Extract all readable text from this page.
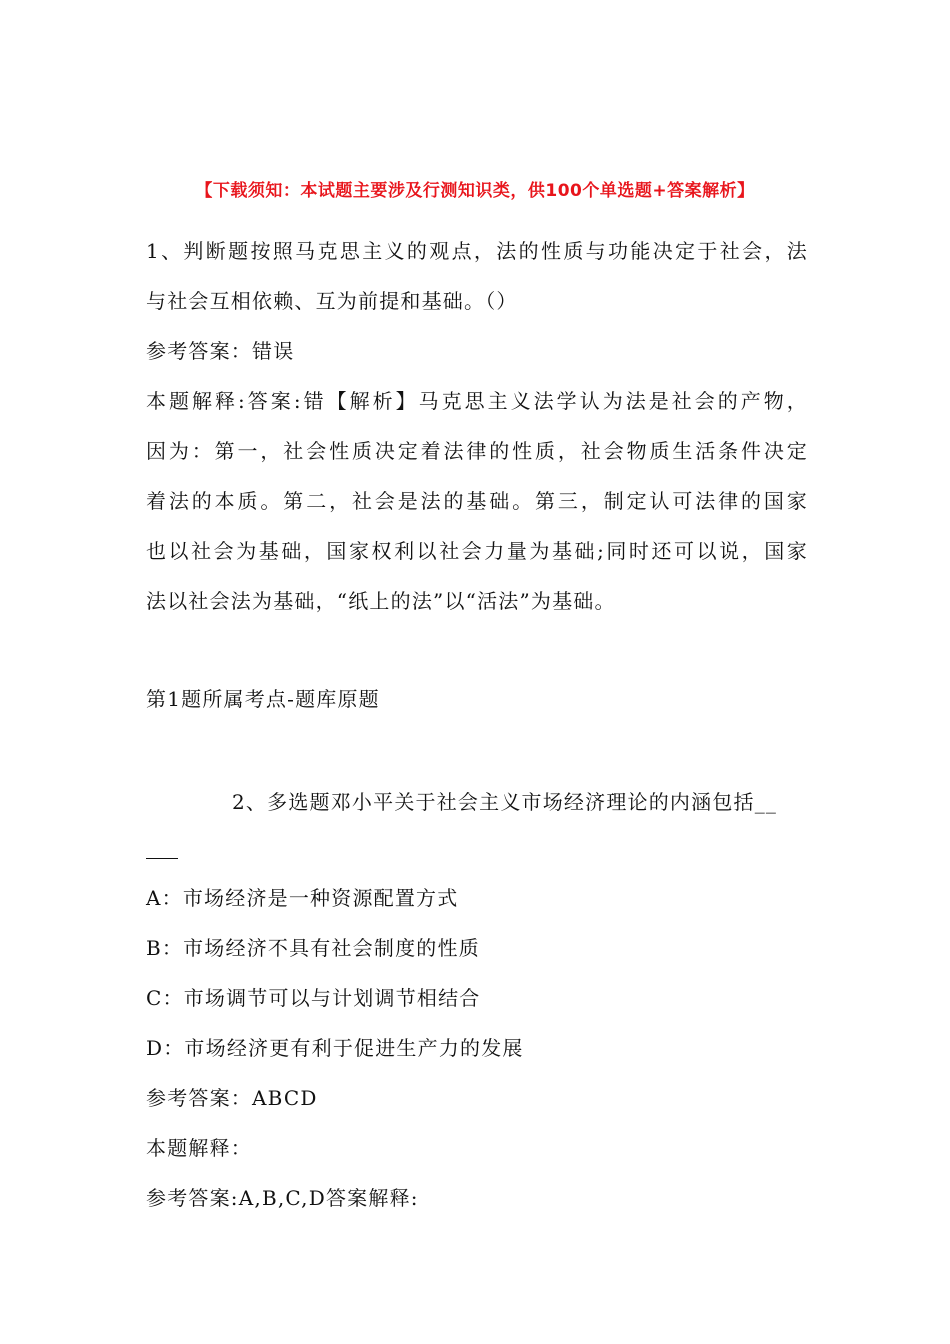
【下载须知：本试题主要涉及行测知识类，供100个单选题+答案解析】
1、判断题按照马克思主义的观点，法的性质与功能决定于社会，法
与社会互相依赖、互为前提和基础。（）
参考答案：错误
本题解释:答案:错【解析】马克思主义法学认为法是社会的产物，
因为：第一，社会性质决定着法律的性质，社会物质生活条件决定
着法的本质。第二，社会是法的基础。第三，制定认可法律的国家
也以社会为基础，国家权利以社会力量为基础;同时还可以说，国家
法以社会法为基础，“纸上的法”以“活法”为基础。
第1题所属考点-题库原题
2、多选题邓小平关于社会主义市场经济理论的内涵包括__
A：市场经济是一种资源配置方式
B：市场经济不具有社会制度的性质
C：市场调节可以与计划调节相结合
D：市场经济更有利于促进生产力的发展
参考答案：ABCD
本题解释：
参考答案:A,B,C,D答案解释:
